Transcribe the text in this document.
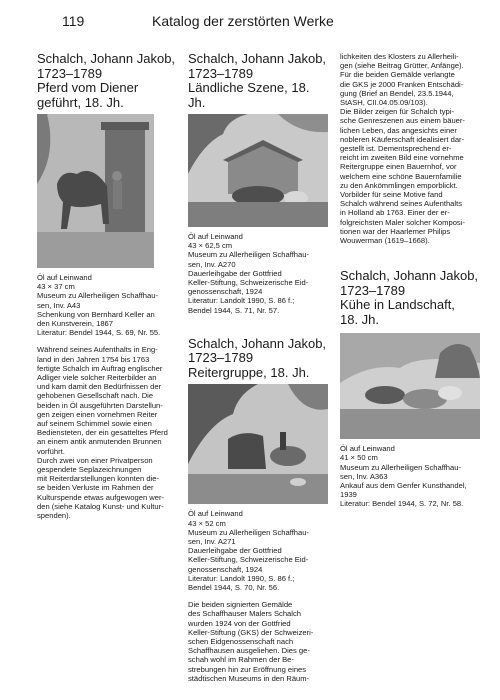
119	Katalog der zerstörten Werke
Schalch, Johann Jakob,
1723–1789
Pferd vom Diener
geführt, 18. Jh.
Öl auf Leinwand
43 × 37 cm
Museum zu Allerheiligen Schaffhau-
sen, Inv. A43
Schenkung von Bernhard Keller an
den Kunstverein, 1867
Literatur: Bendel 1944, S. 69, Nr. 55.
Während seines Aufenthalts in Eng-
land in den Jahren 1754 bis 1763
fertigte Schalch im Auftrag englischer
Adliger viele solcher Reiterbilder an
und kam damit den Bedürfnissen der
gehobenen Gesellschaft nach. Die
beiden in Öl ausgeführten Darstellun-
gen zeigen einen vornehmen Reiter
auf seinem Schimmel sowie einen
Bediensteten, der ein gesatteltes Pferd
an einem antik anmutenden Brunnen
vorführt.
Durch zwei von einer Privatperson
gespendete Seplazeichnungen
mit Reiterdarstellungen konnten die-
se beiden Verluste im Rahmen der
Kulturspende etwas aufgewogen wer-
den (siehe Katalog Kunst- und Kultur-
spenden).
Schalch, Johann Jakob,
1723–1789
Ländliche Szene, 18. Jh.
Öl auf Leinwand
43 × 62,5 cm
Museum zu Allerheiligen Schaffhau-
sen, Inv. A270
Dauerleihgabe der Gottfried
Keller-Stiftung, Schweizerische Eid-
genossenschaft, 1924
Literatur: Landolt 1990, S. 86 f.;
Bendel 1944, S. 71, Nr. 57.
Schalch, Johann Jakob,
1723–1789
Reitergruppe, 18. Jh.
Öl auf Leinwand
43 × 52 cm
Museum zu Allerheiligen Schaffhau-
sen, Inv. A271
Dauerleihgabe der Gottfried
Keller-Stiftung, Schweizerische Eid-
genossenschaft, 1924
Literatur: Landolt 1990, S. 86 f.;
Bendel 1944, S. 70, Nr. 56.
Die beiden signierten Gemälde
des Schaffhauser Malers Schalch
wurden 1924 von der Gottfried
Keller-Stiftung (GKS) der Schweizeri-
schen Eidgenossenschaft nach
Schaffhausen ausgeliehen. Dies ge-
schah wohl im Rahmen der Be-
strebungen hin zur Eröffnung eines
städtischen Museums in den Räum-
lichkeiten des Klosters zu Allerheili-
gen (siehe Beitrag Grütter, Anfänge).
Für die beiden Gemälde verlangte
die GKS je 2000 Franken Entschädi-
gung (Brief an Bendel, 23.5.1944,
StASH, CII.04.05.09/103).
Die Bilder zeigen für Schalch typi-
sche Genreszenen aus einem bäuer-
lichen Leben, das angesichts einer
nobleren Käuferschaft idealisiert dar-
gestellt ist. Dementsprechend er-
reicht im zweiten Bild eine vornehme
Reitergruppe einen Bauernhof, vor
welchem eine schöne Bauernfamilie
zu den Ankömmlingen emporblickt.
Vorbilder für seine Motive fand
Schalch während seines Aufenthalts
in Holland ab 1763. Einer der er-
folgreichsten Maler solcher Komposi-
tionen war der Haarlemer Philips
Wouwerman (1619–1668).
Schalch, Johann Jakob,
1723–1789
Kühe in Landschaft,
18. Jh.
Öl auf Leinwand
41 × 50 cm
Museum zu Allerheiligen Schaffhau-
sen, Inv. A363
Ankauf aus dem Genfer Kunsthandel,
1939
Literatur: Bendel 1944, S. 72, Nr. 58.
